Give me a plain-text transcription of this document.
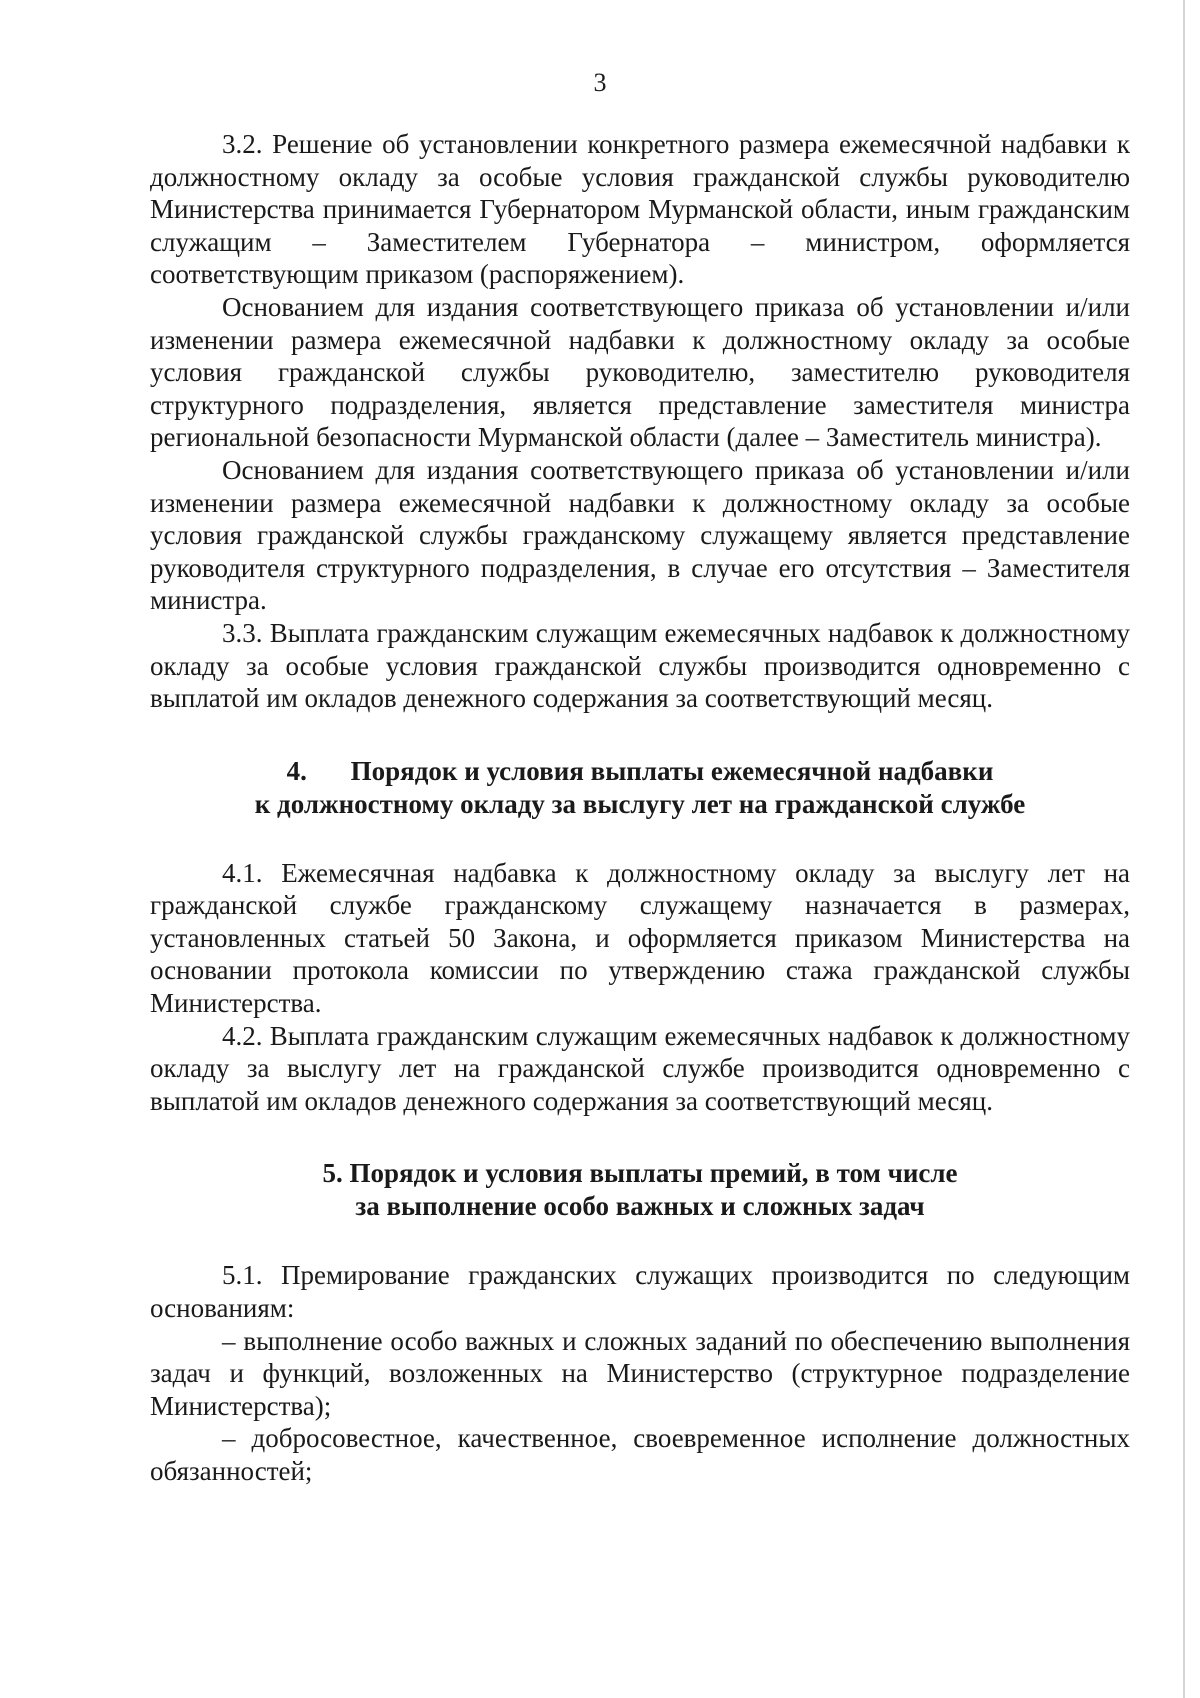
3

3.2. Решение об установлении конкретного размера ежемесячной надбавки к должностному окладу за особые условия гражданской службы руководителю Министерства принимается Губернатором Мурманской области, иным гражданским служащим – Заместителем Губернатора – министром, оформляется соответствующим приказом (распоряжением).

Основанием для издания соответствующего приказа об установлении и/или изменении размера ежемесячной надбавки к должностному окладу за особые условия гражданской службы руководителю, заместителю руководителя структурного подразделения, является представление заместителя министра региональной безопасности Мурманской области (далее – Заместитель министра).

Основанием для издания соответствующего приказа об установлении и/или изменении размера ежемесячной надбавки к должностному окладу за особые условия гражданской службы гражданскому служащему является представление руководителя структурного подразделения, в случае его отсутствия – Заместителя министра.

3.3. Выплата гражданским служащим ежемесячных надбавок к должностному окладу за особые условия гражданской службы производится одновременно с выплатой им окладов денежного содержания за соответствующий месяц.

4. Порядок и условия выплаты ежемесячной надбавки
к должностному окладу за выслугу лет на гражданской службе

4.1. Ежемесячная надбавка к должностному окладу за выслугу лет на гражданской службе гражданскому служащему назначается в размерах, установленных статьей 50 Закона, и оформляется приказом Министерства на основании протокола комиссии по утверждению стажа гражданской службы Министерства.

4.2. Выплата гражданским служащим ежемесячных надбавок к должностному окладу за выслугу лет на гражданской службе производится одновременно с выплатой им окладов денежного содержания за соответствующий месяц.

5. Порядок и условия выплаты премий, в том числе
за выполнение особо важных и сложных задач

5.1. Премирование гражданских служащих производится по следующим основаниям:

– выполнение особо важных и сложных заданий по обеспечению выполнения задач и функций, возложенных на Министерство (структурное подразделение Министерства);

– добросовестное, качественное, своевременное исполнение должностных обязанностей;
